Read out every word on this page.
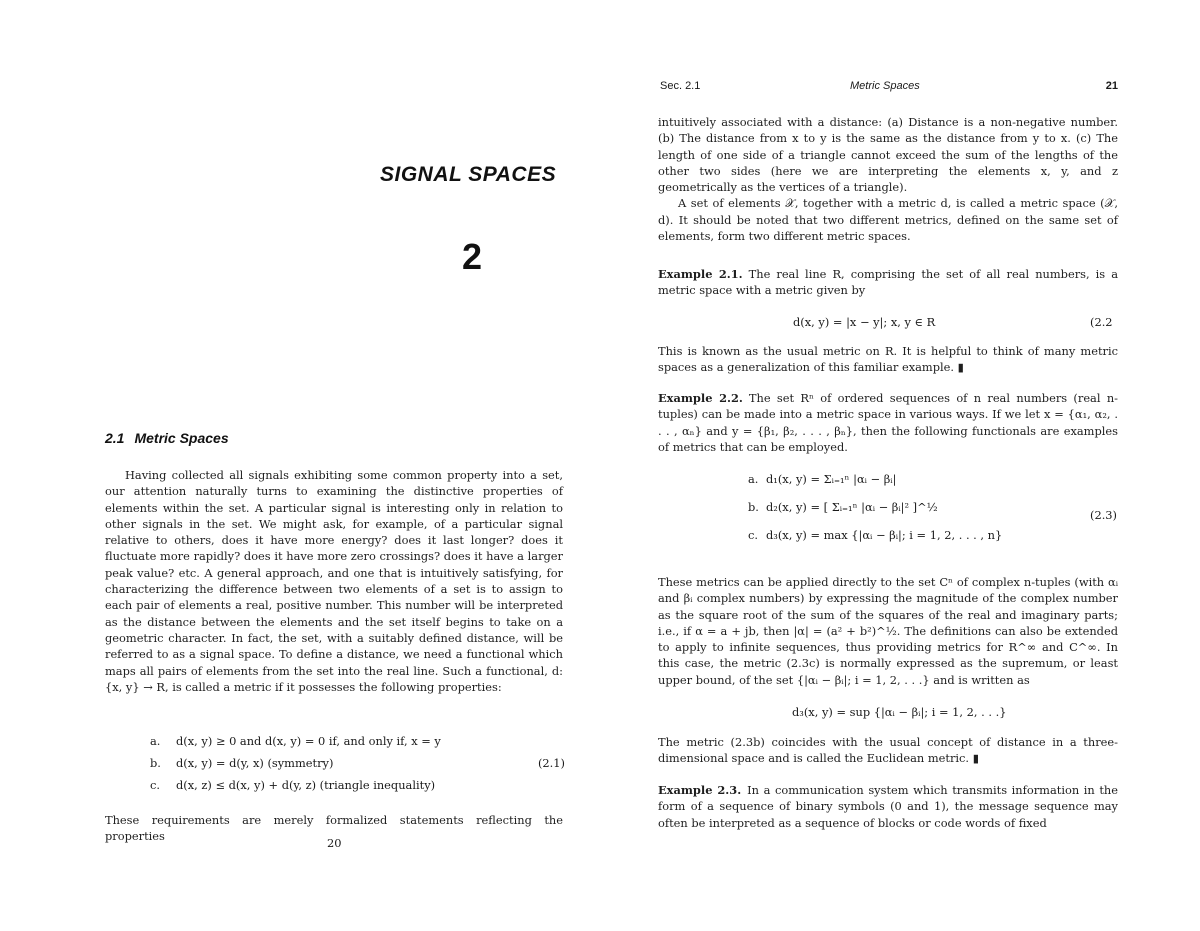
SIGNAL SPACES
2
2.1 Metric Spaces

Having collected all signals exhibiting some common property into a set, our attention naturally turns to examining the distinctive properties of elements within the set. A particular signal is interesting only in relation to other signals in the set. We might ask, for example, of a particular signal relative to others, does it have more energy? does it last longer? does it fluctuate more rapidly? does it have more zero crossings? does it have a larger peak value? etc. A general approach, and one that is intuitively satisfying, for characterizing the difference between two elements of a set is to assign to each pair of elements a real, positive number. This number will be interpreted as the distance between the elements and the set itself begins to take on a geometric character. In fact, the set, with a suitably defined distance, will be referred to as a signal space. To define a distance, we need a functional which maps all pairs of elements from the set into the real line. Such a functional, d: {x, y} → R, is called a metric if it possesses the following properties:

a. d(x, y) ≥ 0 and d(x, y) = 0 if, and only if, x = y
b. d(x, y) = d(y, x) (symmetry)	(2.1)
c. d(x, z) ≤ d(x, y) + d(y, z) (triangle inequality)

These requirements are merely formalized statements reflecting the properties	20
Sec. 2.1	Metric Spaces	21

intuitively associated with a distance: (a) Distance is a non-negative number. (b) The distance from x to y is the same as the distance from y to x. (c) The length of one side of a triangle cannot exceed the sum of the lengths of the other two sides (here we are interpreting the elements x, y, and z geometrically as the vertices of a triangle).

A set of elements 𝒳, together with a metric d, is called a metric space (𝒳, d). It should be noted that two different metrics, defined on the same set of elements, form two different metric spaces.

Example 2.1. The real line R, comprising the set of all real numbers, is a metric space with a metric given by

d(x, y) = |x − y|; x, y ∈ R	(2.2

This is known as the usual metric on R. It is helpful to think of many metric spaces as a generalization of this familiar example. ▮

Example 2.2. The set Rⁿ of ordered sequences of n real numbers (real n-tuples) can be made into a metric space in various ways. If we let x = {α₁, α₂, . . . , αₙ} and y = {β₁, β₂, . . . , βₙ}, then the following functionals are examples of metrics that can be employed.

a. d₁(x, y) = Σᵢ₌₁ⁿ |αᵢ − βᵢ|
b. d₂(x, y) = [ Σᵢ₌₁ⁿ |αᵢ − βᵢ|² ]^½
c. d₃(x, y) = max {|αᵢ − βᵢ|; i = 1, 2, . . . , n}
(2.3)

These metrics can be applied directly to the set Cⁿ of complex n-tuples (with αᵢ and βᵢ complex numbers) by expressing the magnitude of the complex number as the square root of the sum of the squares of the real and imaginary parts; i.e., if α = a + jb, then |α| = (a² + b²)^½. The definitions can also be extended to apply to infinite sequences, thus providing metrics for R^∞ and C^∞. In this case, the metric (2.3c) is normally expressed as the supremum, or least upper bound, of the set {|αᵢ − βᵢ|; i = 1, 2, . . .} and is written as

d₃(x, y) = sup {|αᵢ − βᵢ|; i = 1, 2, . . .}

The metric (2.3b) coincides with the usual concept of distance in a three-dimensional space and is called the Euclidean metric. ▮

Example 2.3. In a communication system which transmits information in the form of a sequence of binary symbols (0 and 1), the message sequence may often be interpreted as a sequence of blocks or code words of fixed
